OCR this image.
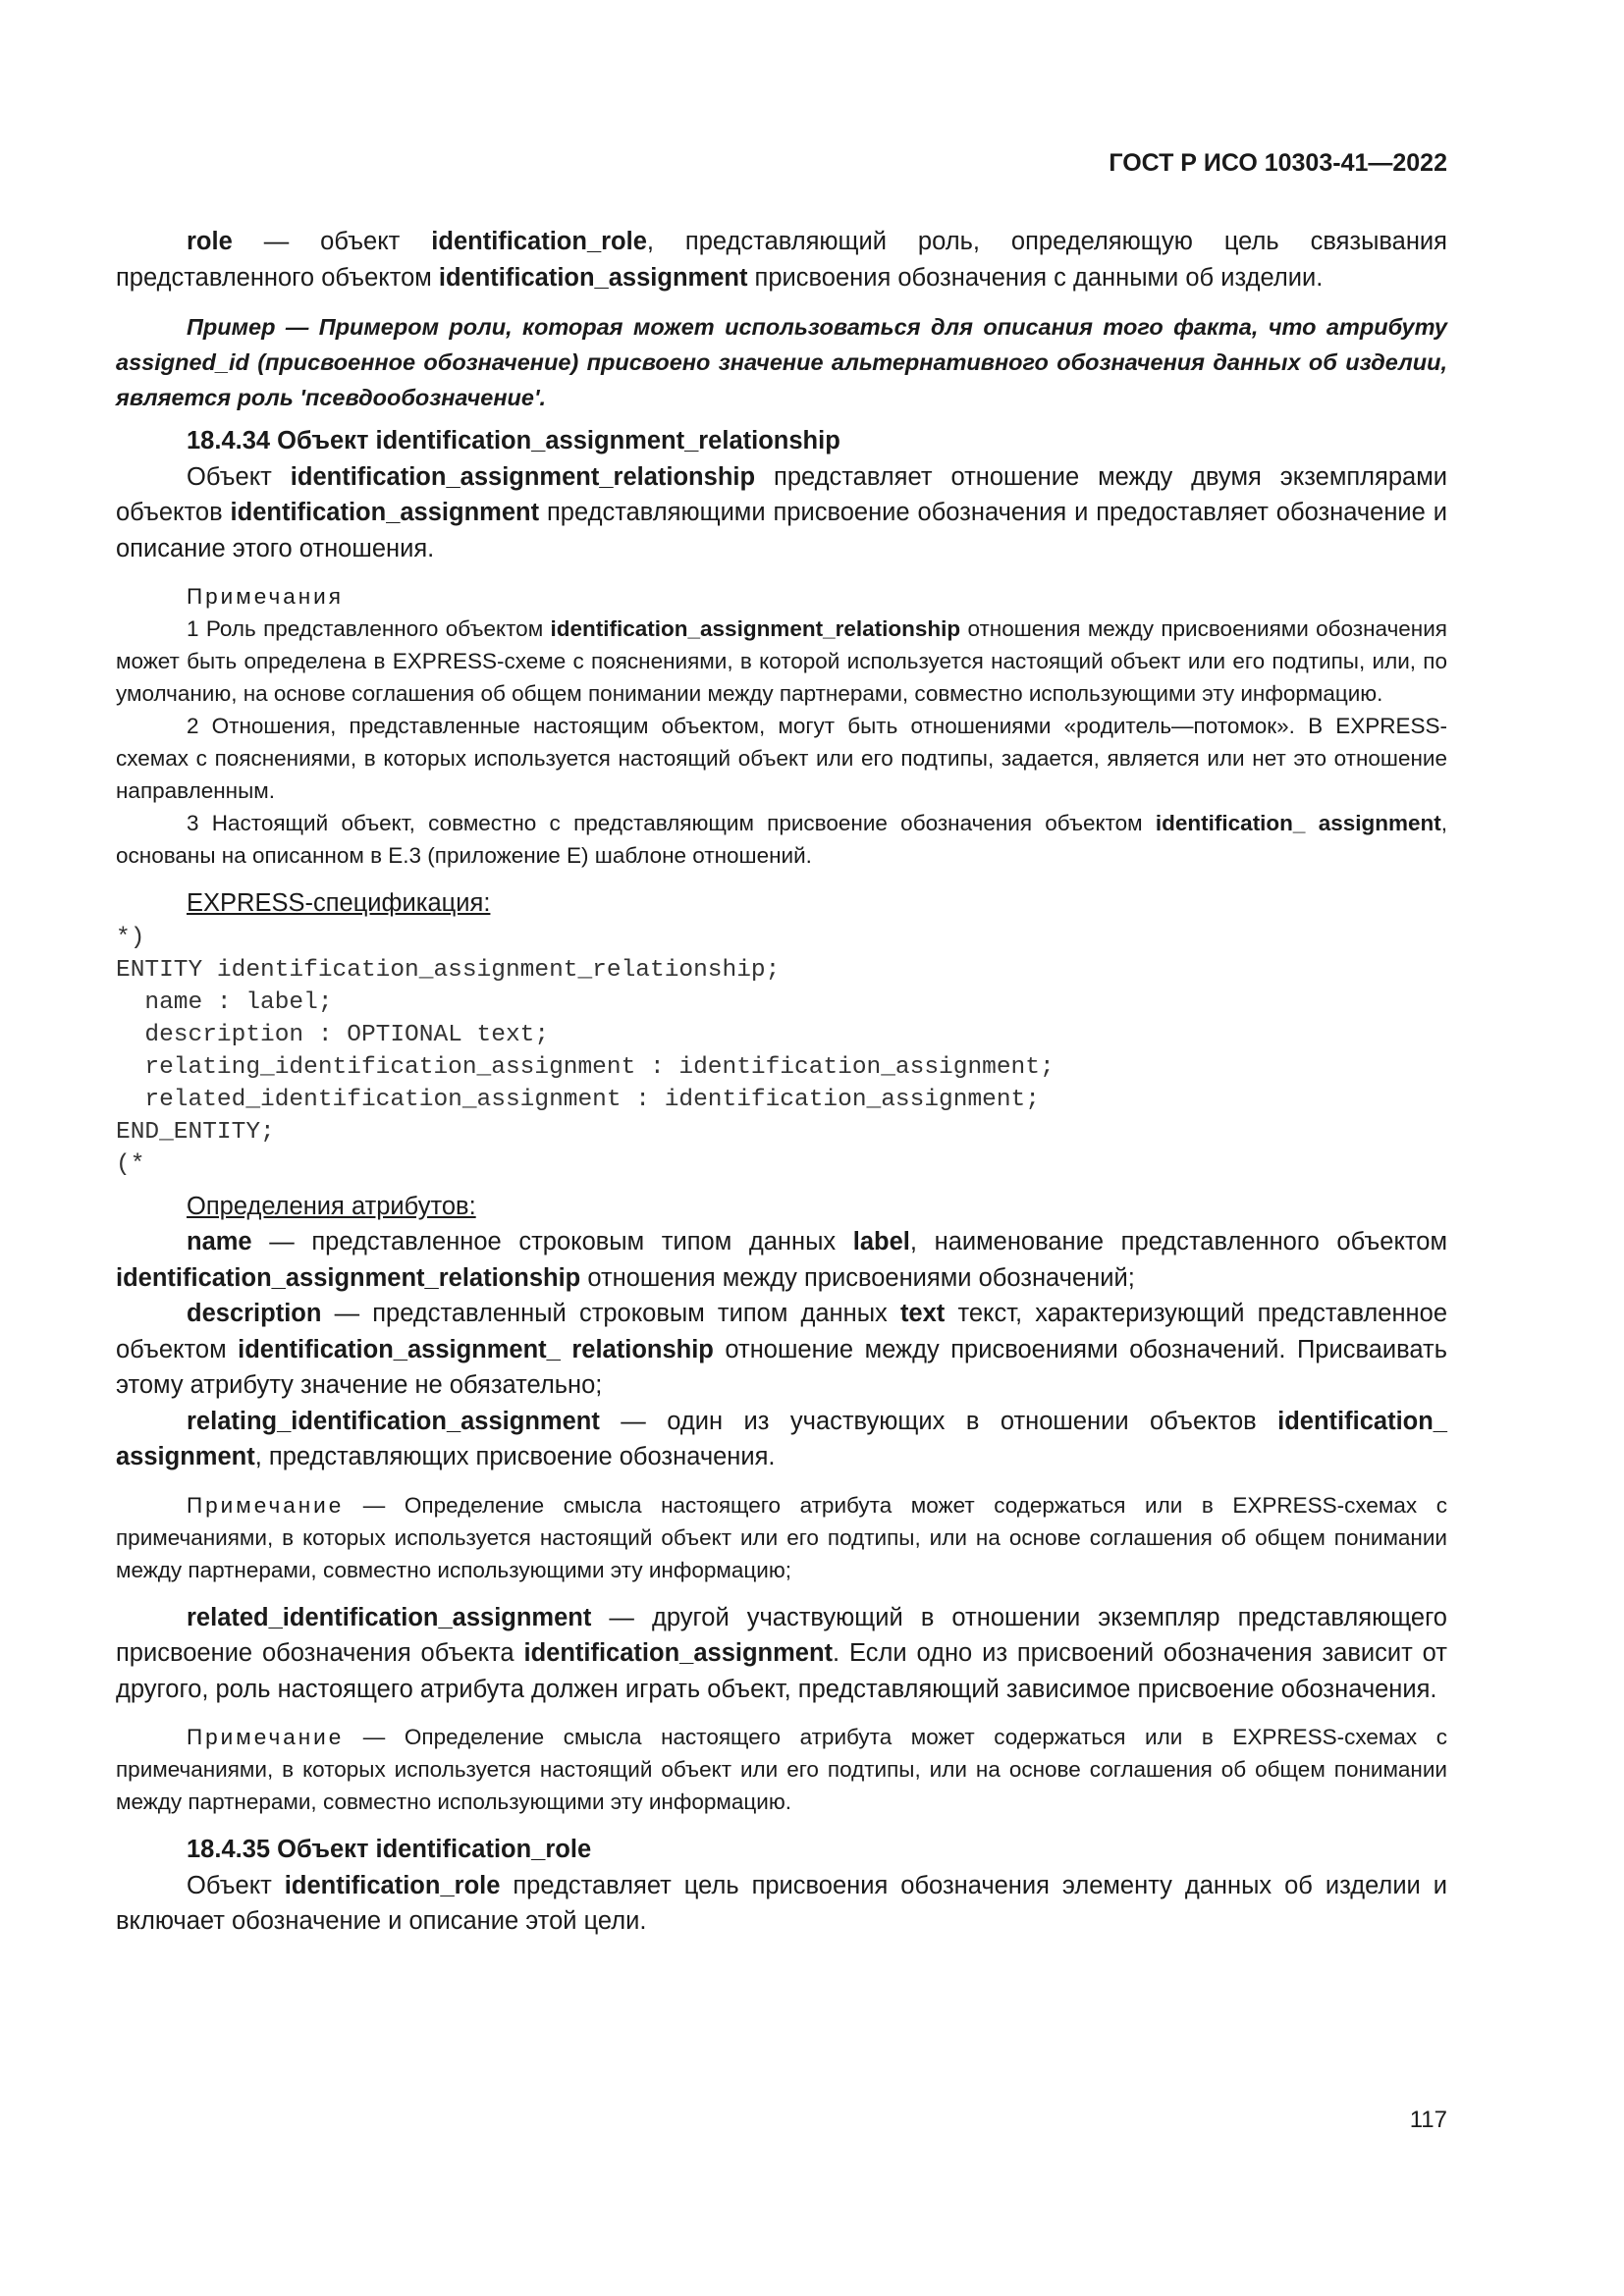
ГОСТ Р ИСО 10303-41—2022

role — объект identification_role, представляющий роль, определяющую цель связывания представленного объектом identification_assignment присвоения обозначения с данными об изделии.

Пример — Примером роли, которая может использоваться для описания того факта, что атрибуту assigned_id (присвоенное обозначение) присвоено значение альтернативного обозначения данных об изделии, является роль 'псевдообозначение'.

18.4.34 Объект identification_assignment_relationship

Объект identification_assignment_relationship представляет отношение между двумя экземплярами объектов identification_assignment представляющими присвоение обозначения и предоставляет обозначение и описание этого отношения.

Примечания

1 Роль представленного объектом identification_assignment_relationship отношения между присвоениями обозначения может быть определена в EXPRESS-схеме с пояснениями, в которой используется настоящий объект или его подтипы, или, по умолчанию, на основе соглашения об общем понимании между партнерами, совместно использующими эту информацию.

2 Отношения, представленные настоящим объектом, могут быть отношениями «родитель—потомок». В EXPRESS-схемах с пояснениями, в которых используется настоящий объект или его подтипы, задается, является или нет это отношение направленным.

3 Настоящий объект, совместно с представляющим присвоение обозначения объектом identification_ assignment, основаны на описанном в Е.3 (приложение Е) шаблоне отношений.

EXPRESS-спецификация:

*)
ENTITY identification_assignment_relationship;
name : label;
description : OPTIONAL text;
relating_identification_assignment : identification_assignment;
related_identification_assignment : identification_assignment;
END_ENTITY;
(*

Определения атрибутов:

name — представленное строковым типом данных label, наименование представленного объектом identification_assignment_relationship отношения между присвоениями обозначений;

description — представленный строковым типом данных text текст, характеризующий представленное объектом identification_assignment_ relationship отношение между присвоениями обозначений. Присваивать этому атрибуту значение не обязательно;

relating_identification_assignment — один из участвующих в отношении объектов identification_ assignment, представляющих присвоение обозначения.

Примечание — Определение смысла настоящего атрибута может содержаться или в EXPRESS-схемах с примечаниями, в которых используется настоящий объект или его подтипы, или на основе соглашения об общем понимании между партнерами, совместно использующими эту информацию;

related_identification_assignment — другой участвующий в отношении экземпляр представляющего присвоение обозначения объекта identification_assignment. Если одно из присвоений обозначения зависит от другого, роль настоящего атрибута должен играть объект, представляющий зависимое присвоение обозначения.

Примечание — Определение смысла настоящего атрибута может содержаться или в EXPRESS-схемах с примечаниями, в которых используется настоящий объект или его подтипы, или на основе соглашения об общем понимании между партнерами, совместно использующими эту информацию.

18.4.35 Объект identification_role

Объект identification_role представляет цель присвоения обозначения элементу данных об изделии и включает обозначение и описание этой цели.

117
